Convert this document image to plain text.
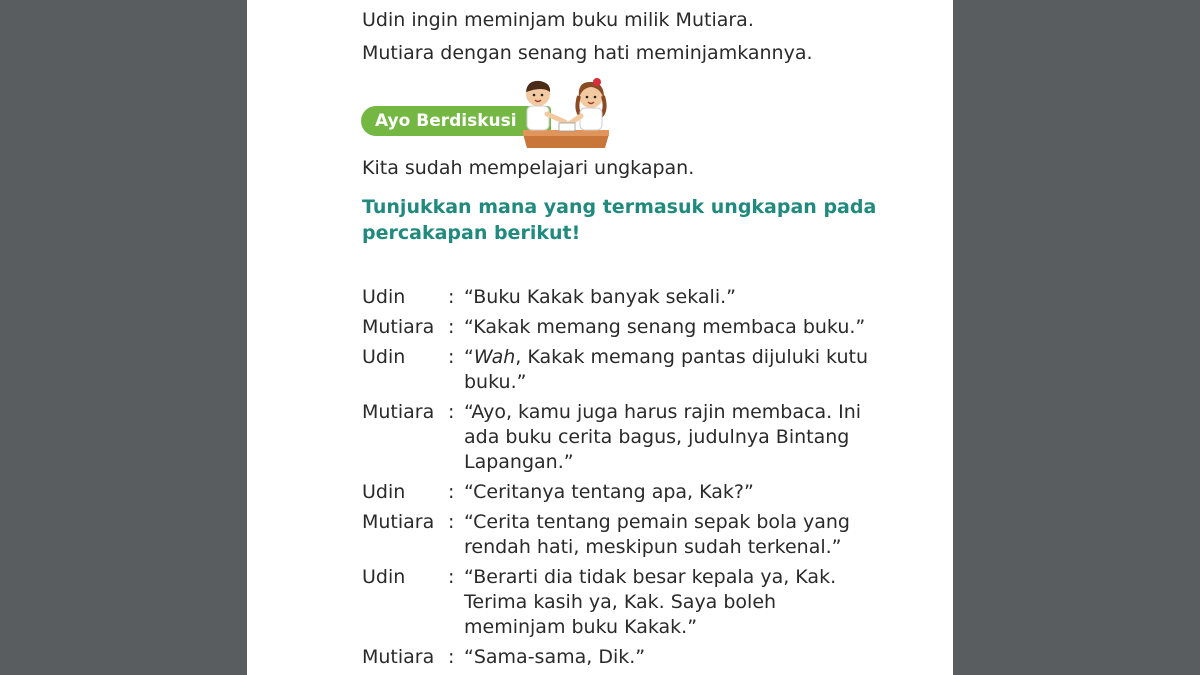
Udin ingin meminjam buku milik Mutiara.
Mutiara dengan senang hati meminjamkannya.
Ayo Berdiskusi
Kita sudah mempelajari ungkapan.
Tunjukkan mana yang termasuk ungkapan pada percakapan berikut!
Udin	: “Buku Kakak banyak sekali.”
Mutiara : “Kakak memang senang membaca buku.”
Udin	: “Wah, Kakak memang pantas dijuluki kutu buku.”
Mutiara : “Ayo, kamu juga harus rajin membaca. Ini ada buku cerita bagus, judulnya Bintang Lapangan.”
Udin	: “Ceritanya tentang apa, Kak?”
Mutiara : “Cerita tentang pemain sepak bola yang rendah hati, meskipun sudah terkenal.”
Udin	: “Berarti dia tidak besar kepala ya, Kak. Terima kasih ya, Kak. Saya boleh meminjam buku Kakak.”
Mutiara : “Sama-sama, Dik.”
